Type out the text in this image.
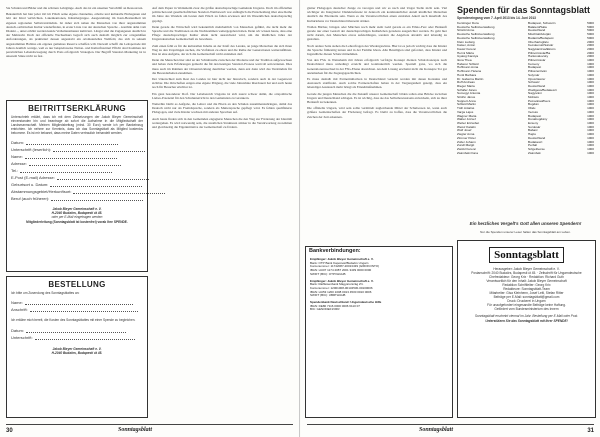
Sie Schulen und Bilder und die schönen Lehrgänge. Auch das ist ein unseiner Verschläft an Ressourcen.

Bekanntlich hat hier jeder Ort im Pilsch seine eigene channelies, erholte und kulturelle Einbegenen und lebt der Kind verbrichten. Lakenkantonen, Künstlergruppe. Ausgestaltung im Kern-Bestandheit im eigenen regionalen Selbstverständnis. Ist daher sich nahen die Menschen von ihrer angestammten deutsch-ostbirischen Kultur wiederfinden, in erster Linie von der deutschen Sprache – konthile dehn vom Dialekt –, unter erhöht werden kunde Verhaltensmuster kultiviert. Längst sind die Zugangenen deutlich in der Mehrzahl. Doch der offizielle Wechselkurs begreft sich auch deshalb möglich zur ortsgemäßen Anforderungen, als praktiziert dessen angestrebt ein ortsmaterielles Weltfeld, das sich in seinem angestammten Habitus ein eigenes gemeines Reserve schaffen will. Deswall schafft die Leitsperiode mit Jahren deutlich wenige, weil es nur beispielsweise Nation- und Kulturfrustriert Pflicht sind Kommen der persönlichen Lebensbewegung durch Preis erfolgreich Strategien. Der Begriff Standort-Marketing ist in unserem Sinne nicht zu fest.

BEITRITTSERKLÄRUNG
Unterschrieb erklärt, dass ich mit dem Zielsetzungen der Jakob Bleyer Gemeinschaft einverstanden bin und beantrage ab sofort die Aufnahme in die Mitgliedschaft der Landsmannschaft. Meinen Mitgliedsbeitrag (mind. 30 Euro) werde ich per Bankeinzug entrichten. Ich nehme zur Kenntnis, dass ich das Sonntagsblatt als Mitglied kostenlos bekomme. Es ist mir bekannt, dass meine Daten vertraulich behandelt werden.
Datum:
Unterschrift (leserlich):
Name:
Adresse:
Tel.:
E-Post (E-mail) Adresse:
Geburtsort u. Datum:
Abstammungsgebiet/Herkunftsort:
Beruf (auch früherer):
Jakob Bleyer Gemeinschaft e. V.
H-2040 Budaörs, Budapesti út 45.
oder per E-Mail eingetragen werden
Mitgliederleitung (Sonntagsblatt ist kostenfrei) vorab Ihre SPENDE.
BESTELLUNG
Ich bitte um Zusendung des Sonntagsblattes an:
Name:
Anschrift:
Ich erkläre mich bereit, die Kosten des Sonntagsblattes mit einer Spende zu begleichen.
Datum:
Unterschrift:
Jakob Bleyer Gemeinschaft e. V.
H-2040 Budaörs, Budapesti út 45.

Auf dem Papier in Weinsheim zwar die größte deutschsprachige Gemeinde Ungarns. Doch im offiziellen politischen und gesellschaftlichen Standort-Wettbewerb war anfänglich die Entscheidung über eine Reihe im Jahre des Wandels am besten dem Pilsch zu fallen erwiesen und im Wesentlichen deutschsprachig geprägt.

Denn gerade die Wirtschaft wird bekanntlich mehrheitlich von Menschen geführt, die nicht mehr die Sprache und die Traditionen an die Nachkommen weitergegeben haben. Denn wir wissen heute, dass eine Pflege deutschsprachiger Kultur allein nicht ausreichend wird, um die ländlichen Jahre der Ungarndeutschen Gemeinschaft zu bewahren.

Zum einen fehlt es für die kulturellen Inhalte an der Kraft des Landes, an junge Menschen die sich ihren Weg zu den Ursprüngen suchen, die Vorfahren zu ehren und die Reihe der Generationen weiterzuführen. Das ist eine Aufgabe, der sich die Gemeinschaft nicht entziehen darf.

Denn die Menschen hier sind an der Schnittstelle zwischen der Moderne und der Tradition aufgewachsen und haben viele Erfahrungen gemacht die für den heutigen Standort-Prozess wertvoll sein könnten. Dies muss auch im Rahmen der Ortsentwicklung deutlicher werden, denn erst dann wird das Verständnis für die Besonderheiten zunehmen.

Der Unterschied zum Rest des Landes ist hier nicht nur historisch, sondern auch in der Gegenwart sichtbar. Die Ortschaften zeigen eine eigene Prägung, die viele Jahrzehnte überdauert hat und auch heute noch für Besucher erlebbar ist.

Ein ganz besonderer Dorf. Der Lebebereich Ungarns ist sich zuerst schwer damit, die ortspolitische Liebes-Potenzial für den Schulunterricht in den Gemeinden zu verankern.

Weiterhin bleibt es Aufgabe, die Lehrer und die Eltern an den Schulen zusammenzubringen, damit das Deutsch nicht nur als Fremdsprache, sondern als Muttersprache gepflegt wird. Es fehlen qualifizierte Pädagogen, und viele Kinder wachsen mit anderen Sprachen auf.

Auch heute finden sich in den Gemeinden engagierte Menschen die den Weg zur Förderung der Identität weitergehen. Es wird notwendig sein, die staatlichen Strukturen stärker in die Verantwortung zu nehmen und gleichzeitig die Eigeninitiative der Gemeinschaft zu fördern.

30	Sonntagsblatt

gleiter Pädagogen deutscher Zunge zu verorgen und wir es nach und Ungar Stelle nicht sein. Viel wichtiger als Integrierter Dialektreferenz ist dennoch ein kontinuierlicher Anteil kindlicher Menschen deutlich die Elternteile sein. Wenn es die Verantwortlichen einen zentralen Anteil auch innerhalb des Kulturlebens vor Deutschland übersetzt stärker.

Wollen Bücher, bringen oder Märchen noch mehr sieht Geld gerade es ein Ethno-Fest oder Herkunft gerade nur einer Gestalt der deutschsprachigen Kulturleben geradezu ausgerichtet werden. Es geht hier nicht darum, den Menschen etwas aufzudrängen, sondern die Angebote attraktiv und lebendig zu gestalten.

Noch andere Seite stehen die Lehrerfragen des Wiedergewinns. Hier ist es jedoch wichtig dass die Kinder die Sprache frühzeitig lernen und in der Familie hören. Alle Beteiligten sind gefordert, dass Kinder und Jugendliche diesen Schatz mitnehmen.

Von den FSG in Weinsheim mit Jahren erfolgreich verfolgte Konzept dienten Schul-Konzepte nach Deutschland muss unbedingt erreicht und kontinuierlich werden. Speziell ganz, wo sich die Generationenwechsel in der FSG-Ebene abzeichnet. An dem Lösung erscheint nicht die Konzepte Tor gar anzumerken für die Zugangsgeschichten.

Es muss deshalb mit Partnerinitiativen in Deutschland vernetzt werden mit denen Kontakte und Austausch stattfindet. Auch solche Partnerschaften haben in der Vergangenheit gezeigt, dass ein lebendiger Austausch mehr bringt als Einzelmaßnahmen.

Gerade die jungen Menschen die die Zukunft unserer Gemeinschaft bilden sollen eine Brücke zwischen Ungarn und Deutschland schlagen. Es ist wichtig, dass sie das Selbstbewusstsein entwickeln, sich zu ihrer Herkunft zu bekennen.

Die offizielle Ungarn, wird sein sollte vermittelt zugleichende Mittel der Schulwesen ist, wenn auch größere Gemeinschaften der Förderung befragt. Es bleibt zu hoffen, dass die Verantwortlichen die Zeichen der Zeit erkennen.

Bankverbindungen:
Empfänger: Jakob Bleyer Gemeinschaft e. V.
Bank: OTP Bank Kaposvár/Budaörs Ungarn
Kontonummer: 11742087-20013439 (GIROKONTO)
IBAN: HU07 1174 2087 2001 3439 0000 0000
SWIFT (BIC): OTPVHUHB
Empfänger: Jakob Bleyer Gemeinschaft e. V.
Bank: Raiffeisenbank Magyarország Zrt.
Kontonummer: 12001008-00134530-00100006
IBAN: HU53 1200 1008 0013 4530 0010 0006
SWIFT (BIC): UBRTHUHB
Spendenbank Deutschland: Ungarndeutsche Hilfe
IBAN: DE80 7116 0000 0006 6110 07
BIC: GENODEF1VRR
Spenden für das Sonntagsblatt
Spendeneingang vom 7. April 2013 bis 14. Juni 2013
Kerstinger Dora	Budapest, Schwerin	5000
Deutsche Selbstverwaltung	Balaterd/Sáta	5000
Ströckl Anne	Deutschland	5000
Deutsche Selbstverwaltung	Mischtal/Adorján	5000
Deutsche Selbstverwaltung	Budaörs/Budapest	5000
Klein Ludwig	Oberhartsgfalu	2000
Kaiser, Anton	Kecskemét/Sárvár	2000
Kausz Ferenc	Nagykanizsa/Ekrém	2000
Hermi Mária	Pilisvörösvár/Ba	2000
Gyalog Karolya	Harkovalovsky	2000
Ilona Thea	Pilisvörösvár	1000
Haberer Szilárd	Kemeny	1000
Hoffmann Anna	Budapest	1000
Hoffmann Helena	Pilisszentiván	1000
Honti Barbara	Solymár	1000
Dr. Gaberna Martin	Ópusztaszer	1000
Ruff Andreas	Schwetz	1000
Rieger Maria	Deutschland	1000
Schäfer János	Wudigess/Budakeszi	1000
Somogyi Antonia	Nagyiváni	1000
Ströhn János	Mohács	1000
Suppert Anna	Pécsvárad/Kecs	1000
Szilárd Martin	Bogdán	1000
Tóth Antalné	Ófalu	1000
Varga Lajos	Vecsés	1000
Wagner Maria	Budapest	1000
Walter József	Dunabogdány	1000
Weber Erzsébet	Ecseny	1000
Weisz Katalin	Soroksár	1000
Wolf Josef	Babarc	1000
Ziegler Anna	Hajós	1000
Zimmer Péter	Deutschland	1000
Zoller Johann	Budakeszi	1000
Zundl Margit	Perbál	1000
Zwickl Ferenc	Szigetbecse	1000
Zsámbéki Ilona	Zsámbék	1000
Ein herzliches Vergelt's Gott allen unseren Spendern!
Nur die Spenden unserer Leser halten das Sonntagsblatt am Leben.
Sonntagsblatt
Herausgeber: Jakob Bleyer Gemeinschaft e. V.
Postanschrift: 2040 Budaörs, Budapesti út 45. · Zeitschrift für Ungarndeutsche
Chefredakteur: Georg Krix · Redaktion: Richard Guth
Verantwortlich für den Inhalt: Jakob Bleyer Gemeinschaft
Redaktion Schriftleiter: Georg Krix
Redakteure: Sonntagsblatt-Team
Mitarbeiter: Gisa Kleinhenn, Josef Leitl, Stefan Ritter
Beiträge per E-Mail: sonntagsblatt@gmail.com
Druck: Druckerei in Ungarn
Für unaufgefordert eingesandte Beiträge keine Haftung.
Gefördert vom Bundesministerium des Innern
Sonntagsblatt erscheint viermal im Jahr. Bestellung per E-Mail oder Post.
Unterstützen Sie das Sonntagsblatt mit Ihrer SPENDE!
Sonntagsblatt	31
